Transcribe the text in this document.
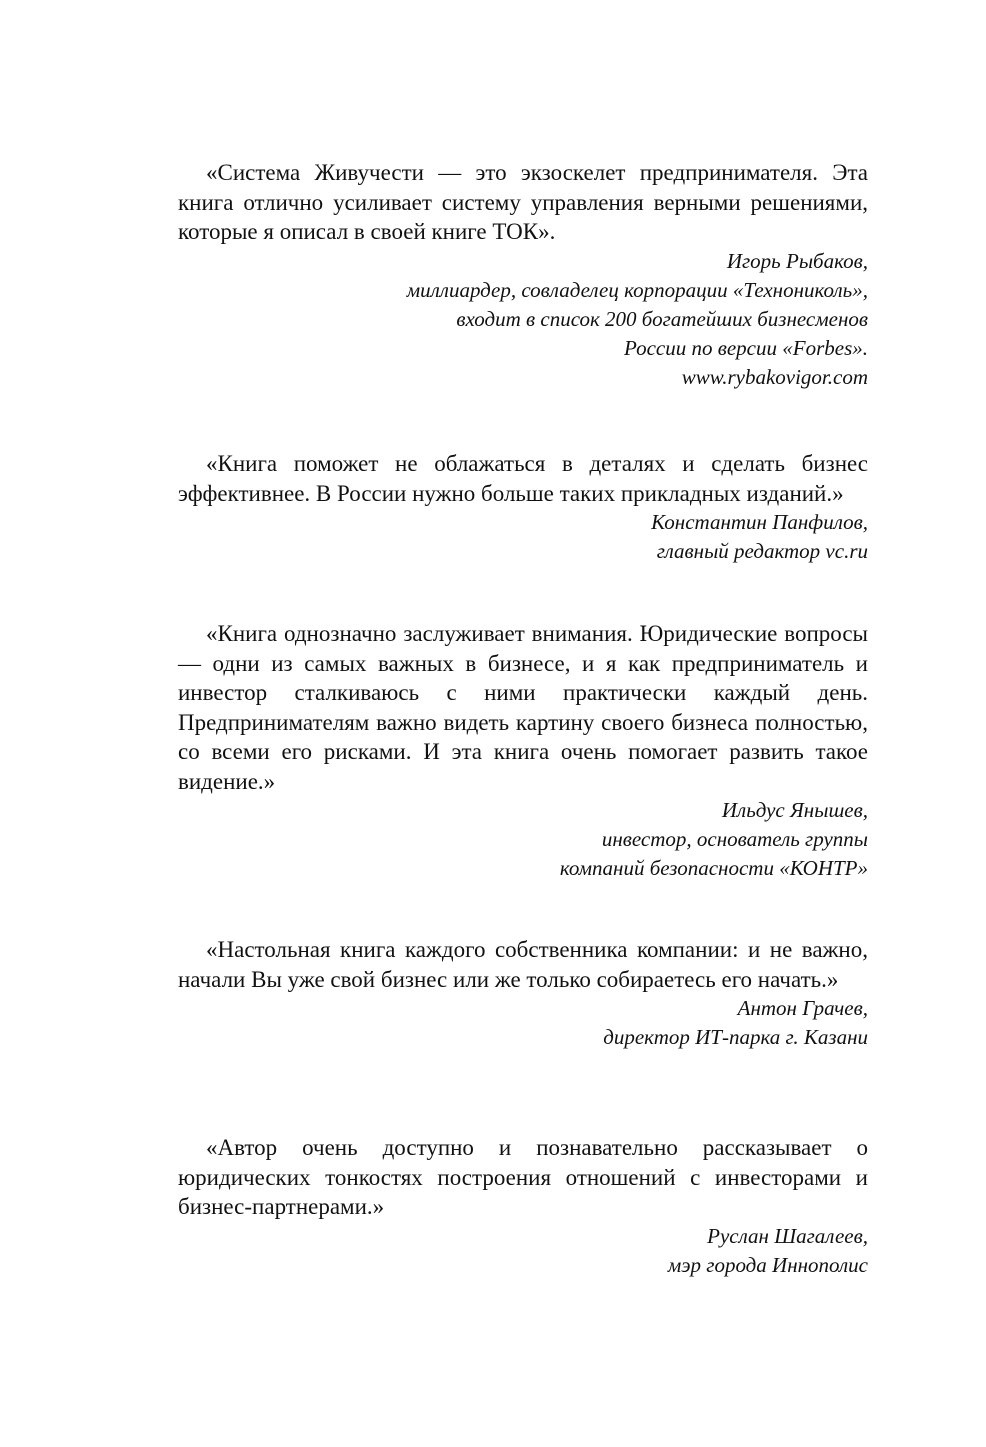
«Система Живучести — это экзоскелет предпринимателя. Эта книга отлично усиливает систему управления верными решениями, которые я описал в своей книге ТОК».

Игорь Рыбаков,
миллиардер, совладелец корпорации «Технониколь»,
входит в список 200 богатейших бизнесменов
России по версии «Forbes».
www.rybakovigor.com

«Книга поможет не облажаться в деталях и сделать бизнес эффективнее. В России нужно больше таких прикладных изданий.»

Константин Панфилов,
главный редактор vc.ru

«Книга однозначно заслуживает внимания. Юридические вопросы — одни из самых важных в бизнесе, и я как предприниматель и инвестор сталкиваюсь с ними практически каждый день. Предпринимателям важно видеть картину своего бизнеса полностью, со всеми его рисками. И эта книга очень помогает развить такое видение.»

Ильдус Янышев,
инвестор, основатель группы
компаний безопасности «КОНТР»

«Настольная книга каждого собственника компании: и не важно, начали Вы уже свой бизнес или же только собираетесь его начать.»

Антон Грачев,
директор ИТ-парка г. Казани

«Автор очень доступно и познавательно рассказывает о юридических тонкостях построения отношений с инвесторами и бизнес-партнерами.»

Руслан Шагалеев,
мэр города Иннополис
